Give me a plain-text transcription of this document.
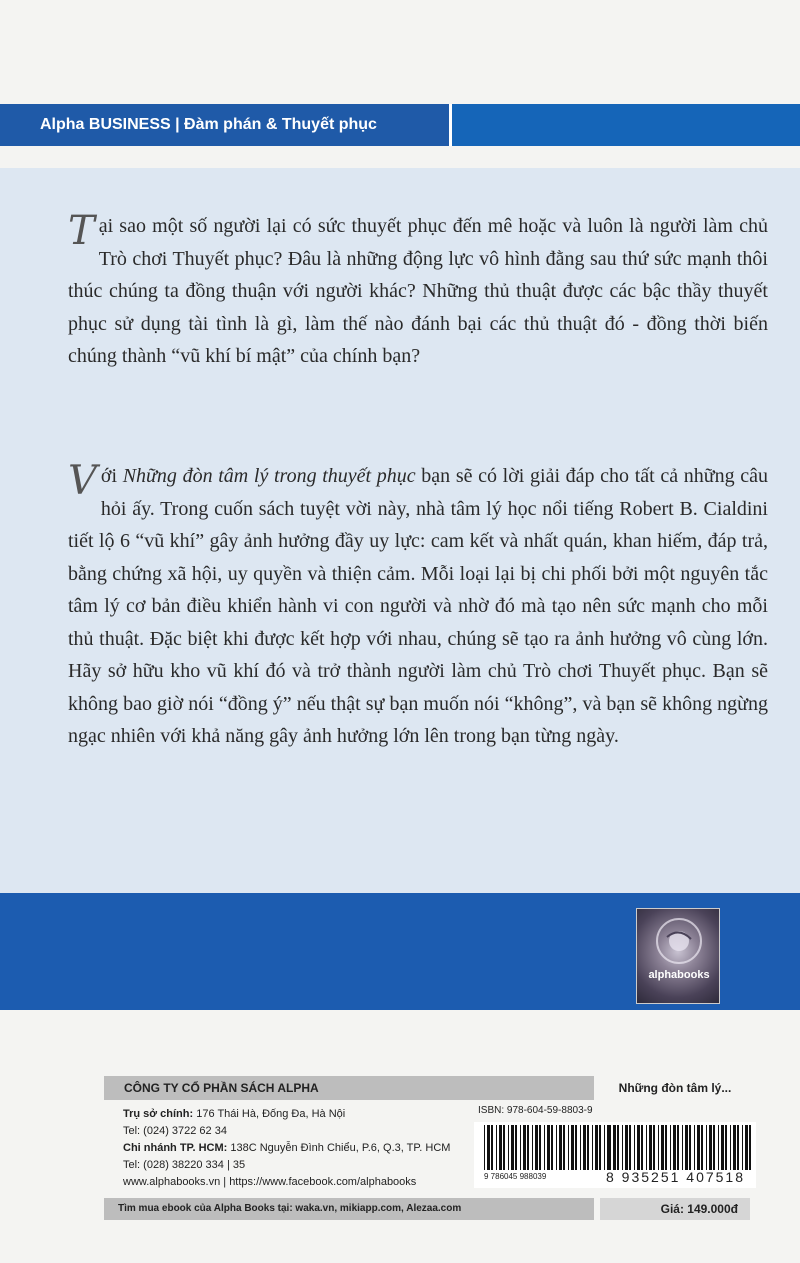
Alpha BUSINESS | Đàm phán & Thuyết phục
Tại sao một số người lại có sức thuyết phục đến mê hoặc và luôn là người làm chủ Trò chơi Thuyết phục? Đâu là những động lực vô hình đằng sau thứ sức mạnh thôi thúc chúng ta đồng thuận với người khác? Những thủ thuật được các bậc thầy thuyết phục sử dụng tài tình là gì, làm thế nào đánh bại các thủ thuật đó - đồng thời biến chúng thành “vũ khí bí mật” của chính bạn?
Với Những đòn tâm lý trong thuyết phục bạn sẽ có lời giải đáp cho tất cả những câu hỏi ấy. Trong cuốn sách tuyệt vời này, nhà tâm lý học nổi tiếng Robert B. Cialdini tiết lộ 6 “vũ khí” gây ảnh hưởng đầy uy lực: cam kết và nhất quán, khan hiếm, đáp trả, bằng chứng xã hội, uy quyền và thiện cảm. Mỗi loại lại bị chi phối bởi một nguyên tắc tâm lý cơ bản điều khiển hành vi con người và nhờ đó mà tạo nên sức mạnh cho mỗi thủ thuật. Đặc biệt khi được kết hợp với nhau, chúng sẽ tạo ra ảnh hưởng vô cùng lớn. Hãy sở hữu kho vũ khí đó và trở thành người làm chủ Trò chơi Thuyết phục. Bạn sẽ không bao giờ nói “đồng ý” nếu thật sự bạn muốn nói “không”, và bạn sẽ không ngừng ngạc nhiên với khả năng gây ảnh hưởng lớn lên trong bạn từng ngày.
alphabooks
CÔNG TY CỔ PHẦN SÁCH ALPHA	Những đòn tâm lý...
Trụ sở chính: 176 Thái Hà, Đống Đa, Hà Nội
Tel: (024) 3722 62 34
Chi nhánh TP. HCM: 138C Nguyễn Đình Chiểu, P.6, Q.3, TP. HCM
Tel: (028) 38220 334 | 35
www.alphabooks.vn | https://www.facebook.com/alphabooks
ISBN: 978-604-59-8803-9
9 786045 988039	8 935251 407518
Tìm mua ebook của Alpha Books tại: waka.vn, mikiapp.com, Alezaa.com	Giá: 149.000đ
